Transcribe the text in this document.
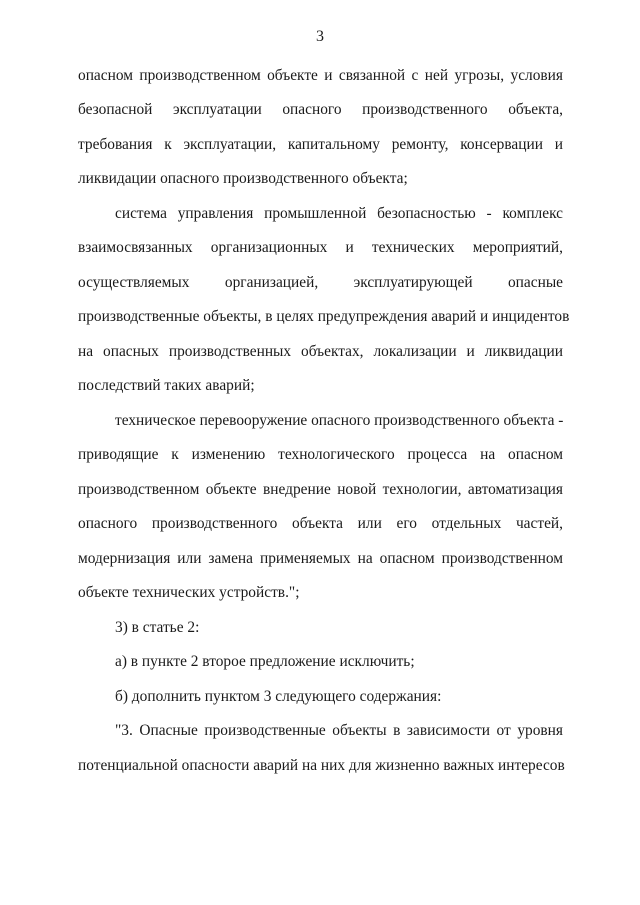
3
опасном производственном объекте и связанной с ней угрозы, условия
безопасной эксплуатации опасного производственного объекта,
требования к эксплуатации, капитальному ремонту, консервации и
ликвидации опасного производственного объекта;
система управления промышленной безопасностью - комплекс
взаимосвязанных организационных и технических мероприятий,
осуществляемых организацией, эксплуатирующей опасные
производственные объекты, в целях предупреждения аварий и инцидентов
на опасных производственных объектах, локализации и ликвидации
последствий таких аварий;
техническое перевооружение опасного производственного объекта -
приводящие к изменению технологического процесса на опасном
производственном объекте внедрение новой технологии, автоматизация
опасного производственного объекта или его отдельных частей,
модернизация или замена применяемых на опасном производственном
объекте технических устройств.";
3) в статье 2:
а) в пункте 2 второе предложение исключить;
б) дополнить пунктом 3 следующего содержания:
"3. Опасные производственные объекты в зависимости от уровня
потенциальной опасности аварий на них для жизненно важных интересов
